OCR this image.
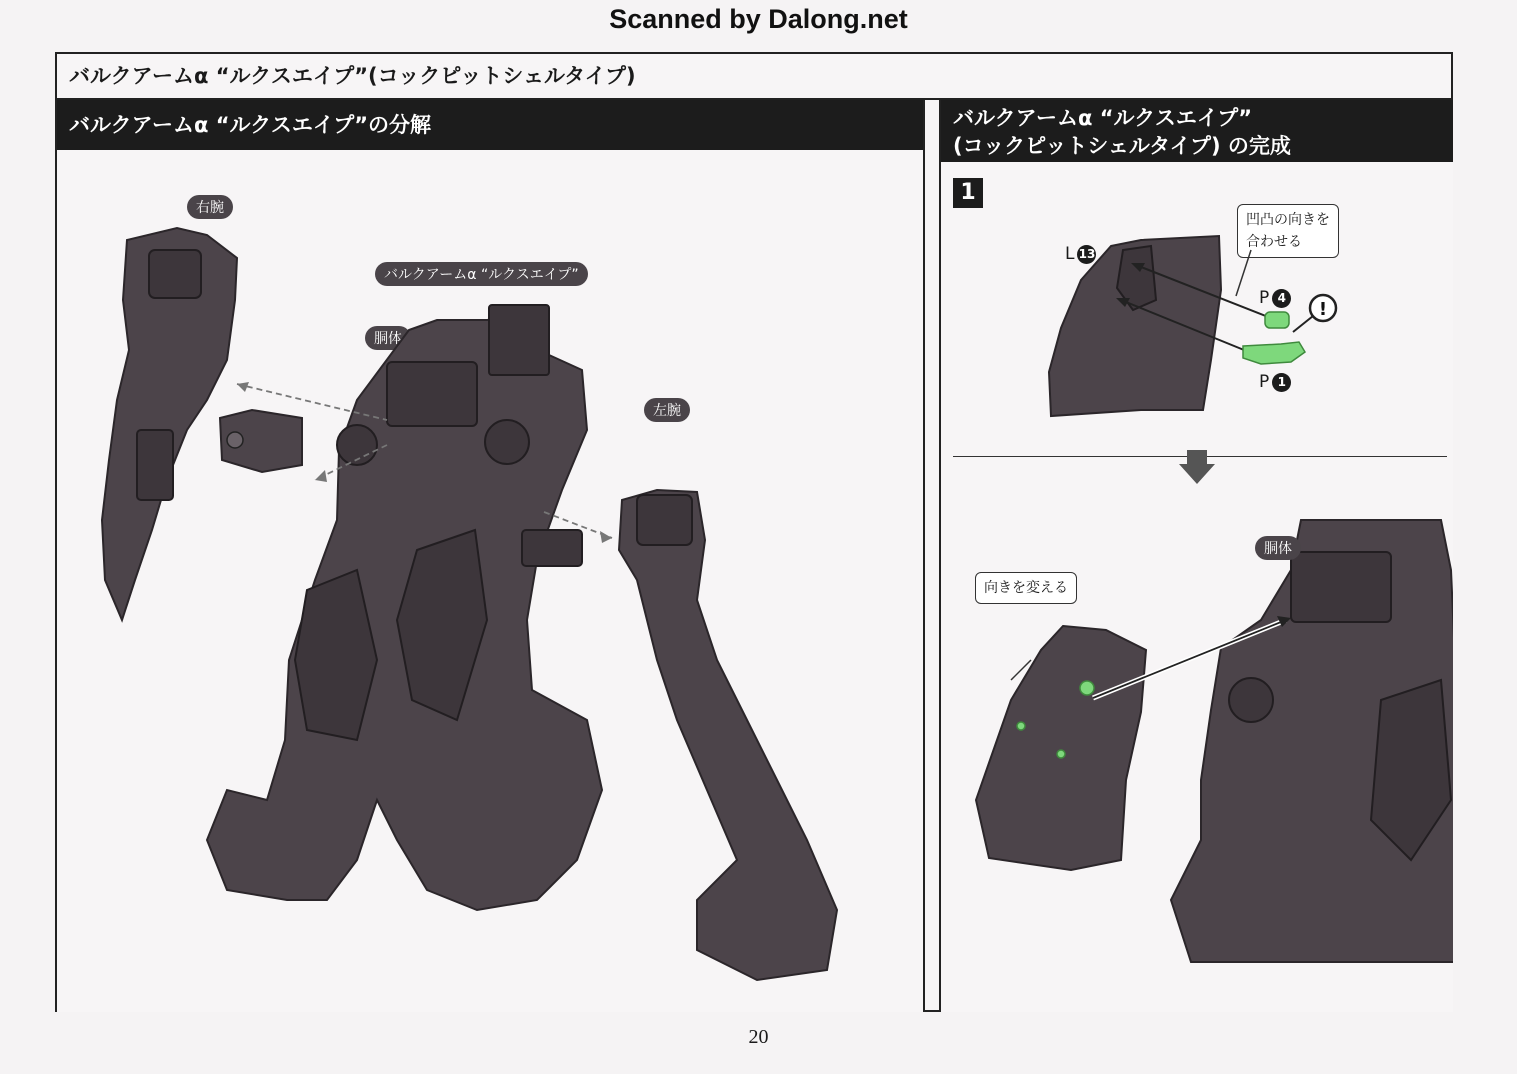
Scanned by Dalong.net
バルクアームα “ルクスエイプ”(コックピットシェルタイプ)
バルクアームα “ルクスエイプ”の分解
右腕
バルクアームα “ルクスエイプ”
胴体
左腕
バルクアームα “ルクスエイプ”
(コックピットシェルタイプ) の完成
1
凹凸の向きを
合わせる
L 13
P 4
P 1
!
向きを変える
胴体
20
